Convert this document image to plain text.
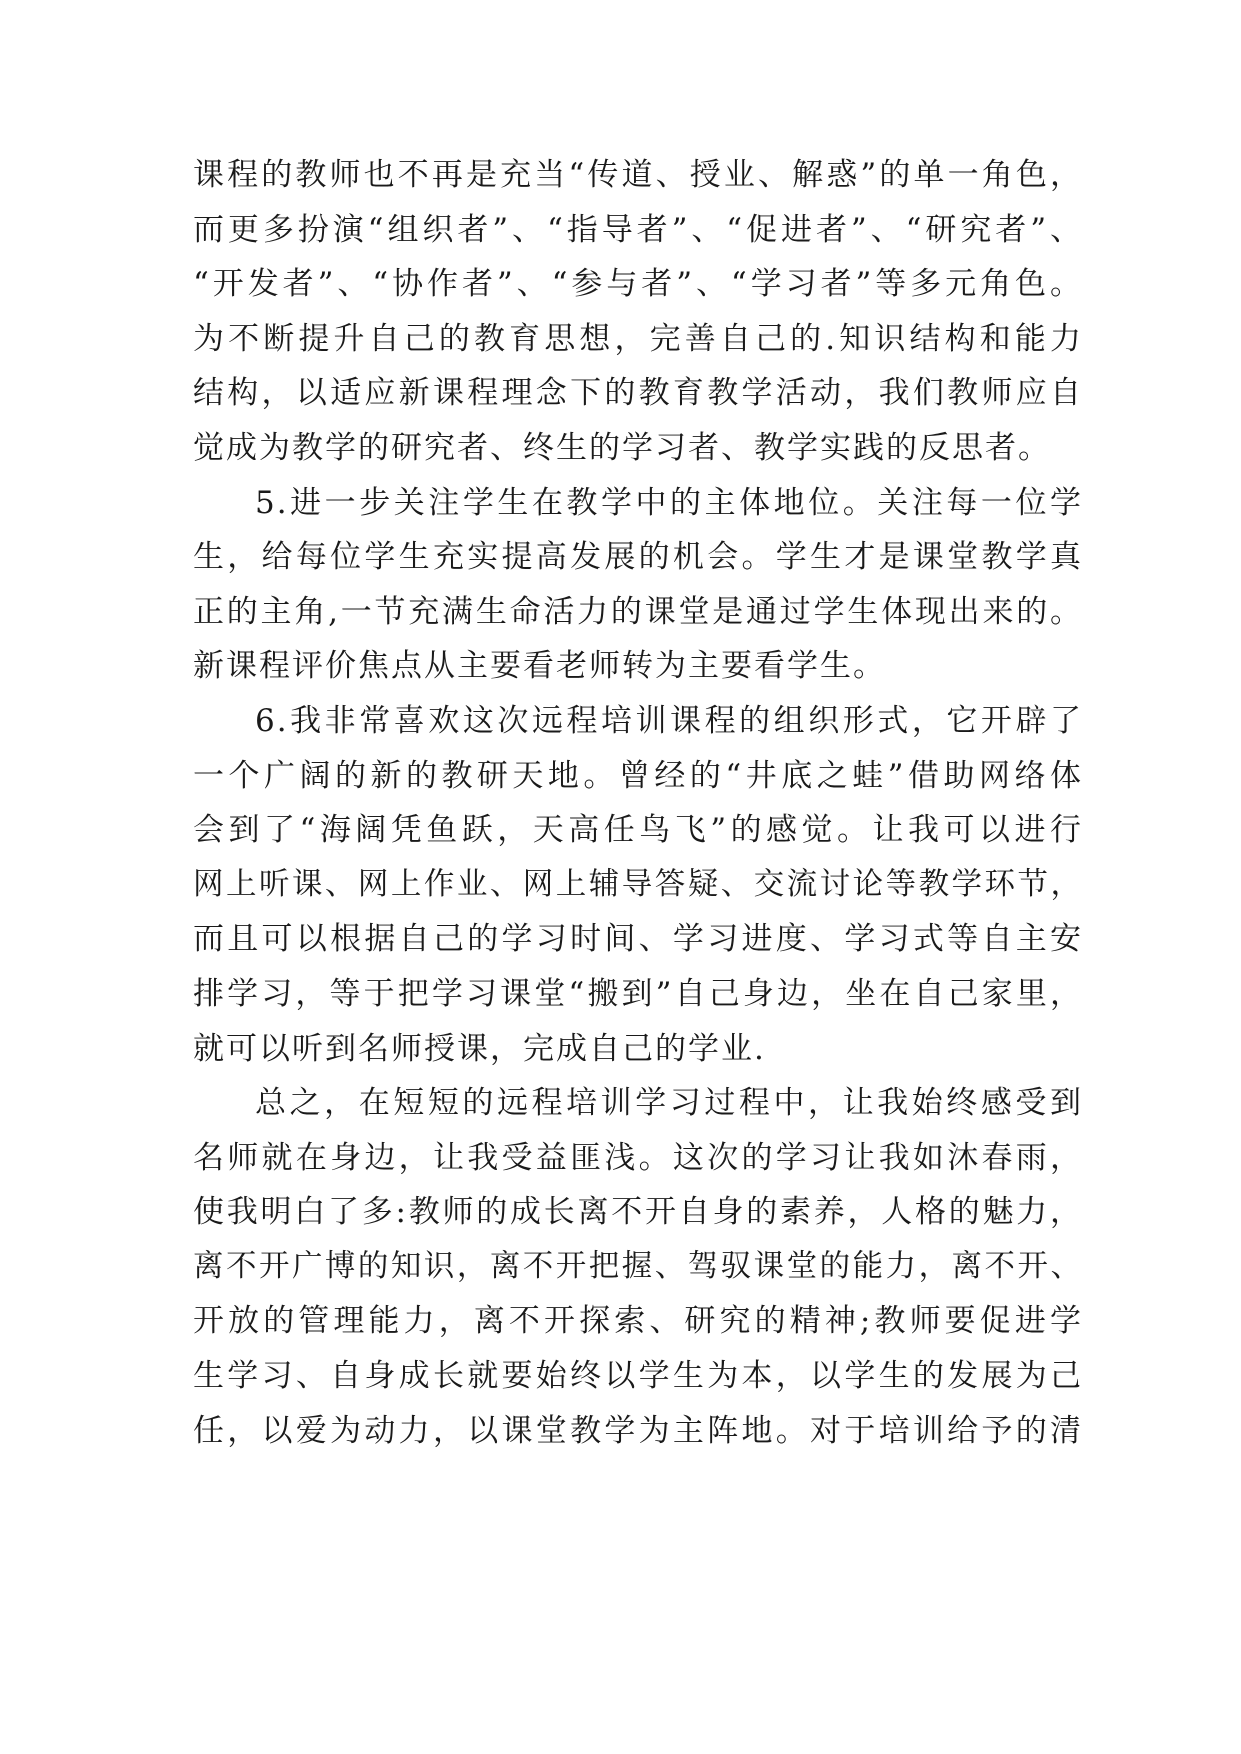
课程的教师也不再是充当“传道、授业、解惑”的单一角色，
而更多扮演“组织者”、“指导者”、“促进者”、“研究者”、
“开发者”、“协作者”、“参与者”、“学习者”等多元角色。
为不断提升自己的教育思想，完善自己的.知识结构和能力
结构，以适应新课程理念下的教育教学活动，我们教师应自
觉成为教学的研究者、终生的学习者、教学实践的反思者。
5.进一步关注学生在教学中的主体地位。关注每一位学
生，给每位学生充实提高发展的机会。学生才是课堂教学真
正的主角,一节充满生命活力的课堂是通过学生体现出来的。
新课程评价焦点从主要看老师转为主要看学生。
6.我非常喜欢这次远程培训课程的组织形式，它开辟了
一个广阔的新的教研天地。曾经的“井底之蛙”借助网络体
会到了“海阔凭鱼跃，天高任鸟飞”的感觉。让我可以进行
网上听课、网上作业、网上辅导答疑、交流讨论等教学环节，
而且可以根据自己的学习时间、学习进度、学习式等自主安
排学习，等于把学习课堂“搬到”自己身边，坐在自己家里，
就可以听到名师授课，完成自己的学业.
总之，在短短的远程培训学习过程中，让我始终感受到
名师就在身边，让我受益匪浅。这次的学习让我如沐春雨，
使我明白了多:教师的成长离不开自身的素养，人格的魅力，
离不开广博的知识，离不开把握、驾驭课堂的能力，离不开、
开放的管理能力，离不开探索、研究的精神;教师要促进学
生学习、自身成长就要始终以学生为本，以学生的发展为己
任，以爱为动力，以课堂教学为主阵地。对于培训给予的清
